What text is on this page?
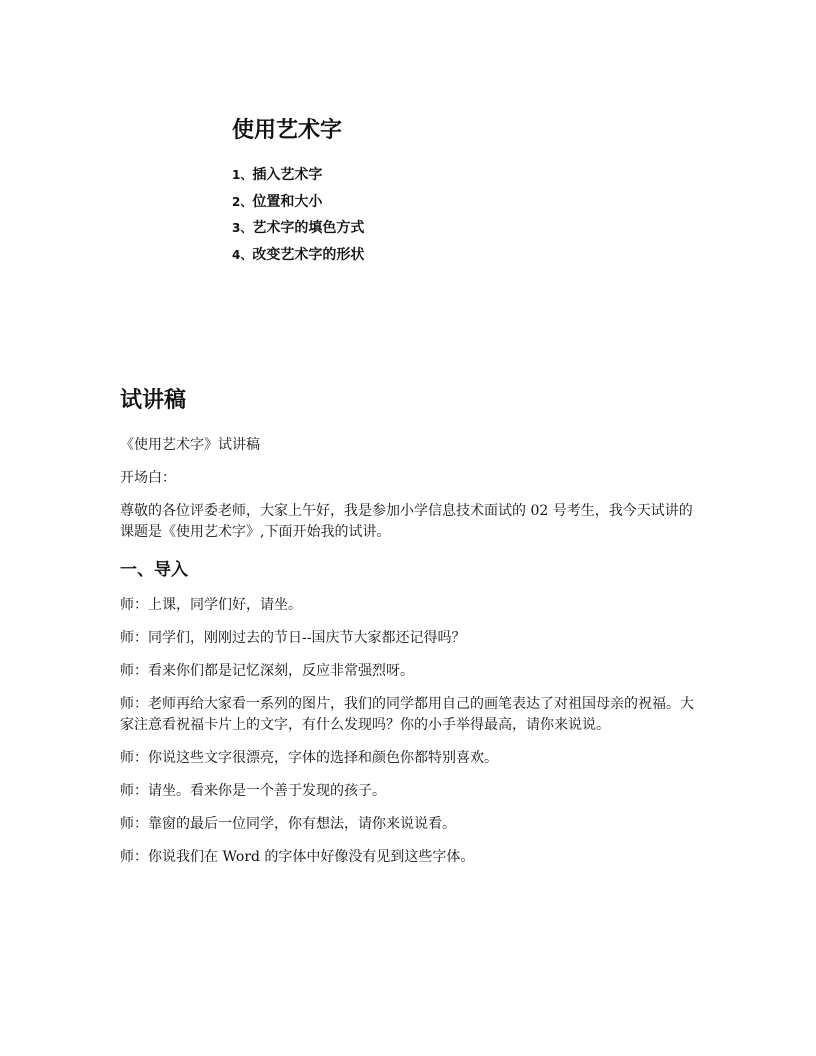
使用艺术字
1、插入艺术字
2、位置和大小
3、艺术字的填色方式
4、改变艺术字的形状
试讲稿

《使用艺术字》试讲稿

开场白：

尊敬的各位评委老师，大家上午好，我是参加小学信息技术面试的 02 号考生，我今天试讲的课题是《使用艺术字》,下面开始我的试讲。

一、导入

师：上课，同学们好，请坐。

师：同学们，刚刚过去的节日--国庆节大家都还记得吗？

师：看来你们都是记忆深刻，反应非常强烈呀。

师：老师再给大家看一系列的图片，我们的同学都用自己的画笔表达了对祖国母亲的祝福。大家注意看祝福卡片上的文字，有什么发现吗？你的小手举得最高，请你来说说。

师：你说这些文字很漂亮，字体的选择和颜色你都特别喜欢。

师：请坐。看来你是一个善于发现的孩子。

师：靠窗的最后一位同学，你有想法，请你来说说看。

师：你说我们在 Word 的字体中好像没有见到这些字体。
